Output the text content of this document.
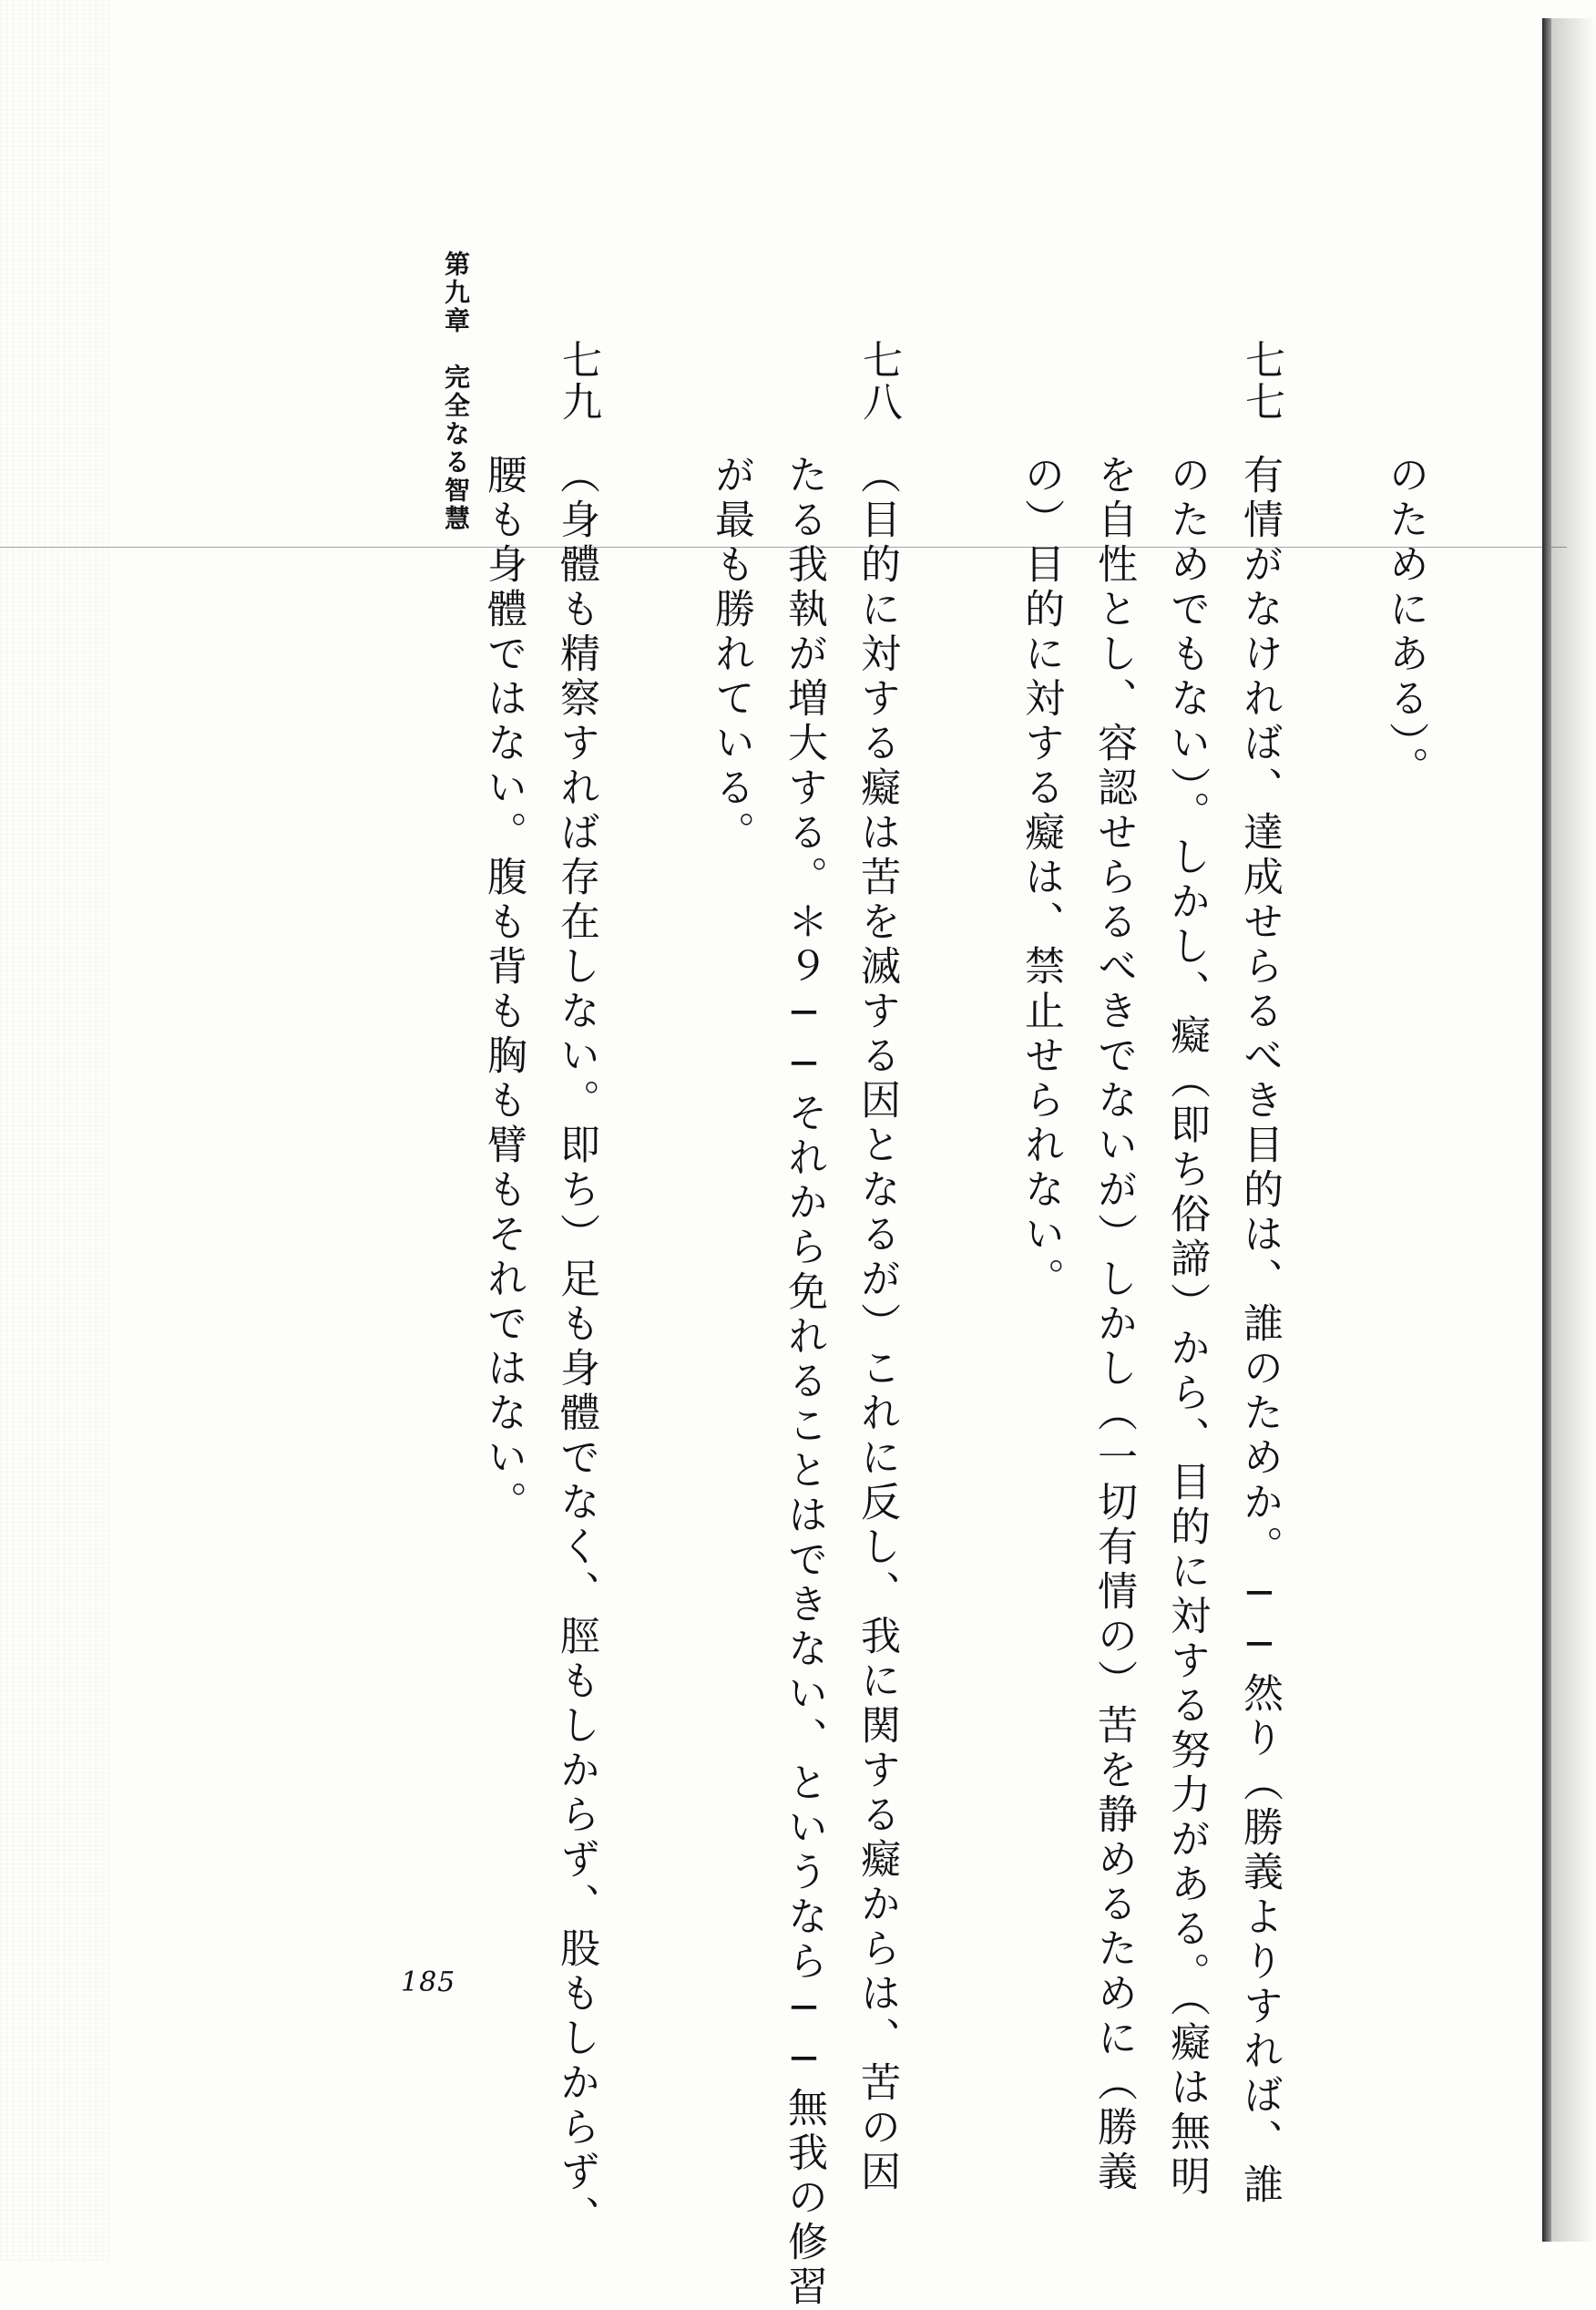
第九章　完全なる智慧
のためにある）。
七七
有情がなければ、達成せらるべき目的は、誰のためか。──然り（勝義よりすれば、誰
のためでもない）。しかし、癡（即ち俗諦）から、目的に対する努力がある。（癡は無明
を自性とし、容認せらるべきでないが）しかし（一切有情の）苦を静めるために（勝義
の）目的に対する癡は、禁止せられない。
七八
（目的に対する癡は苦を滅する因となるが）これに反し、我に関する癡からは、苦の因
たる我執が増大する。＊９──それから免れることはできない、というなら──無我の修習
が最も勝れている。
七九
（身體も精察すれば存在しない。即ち）足も身體でなく、脛もしからず、股もしからず、
腰も身體ではない。腹も背も胸も臂もそれではない。
185
